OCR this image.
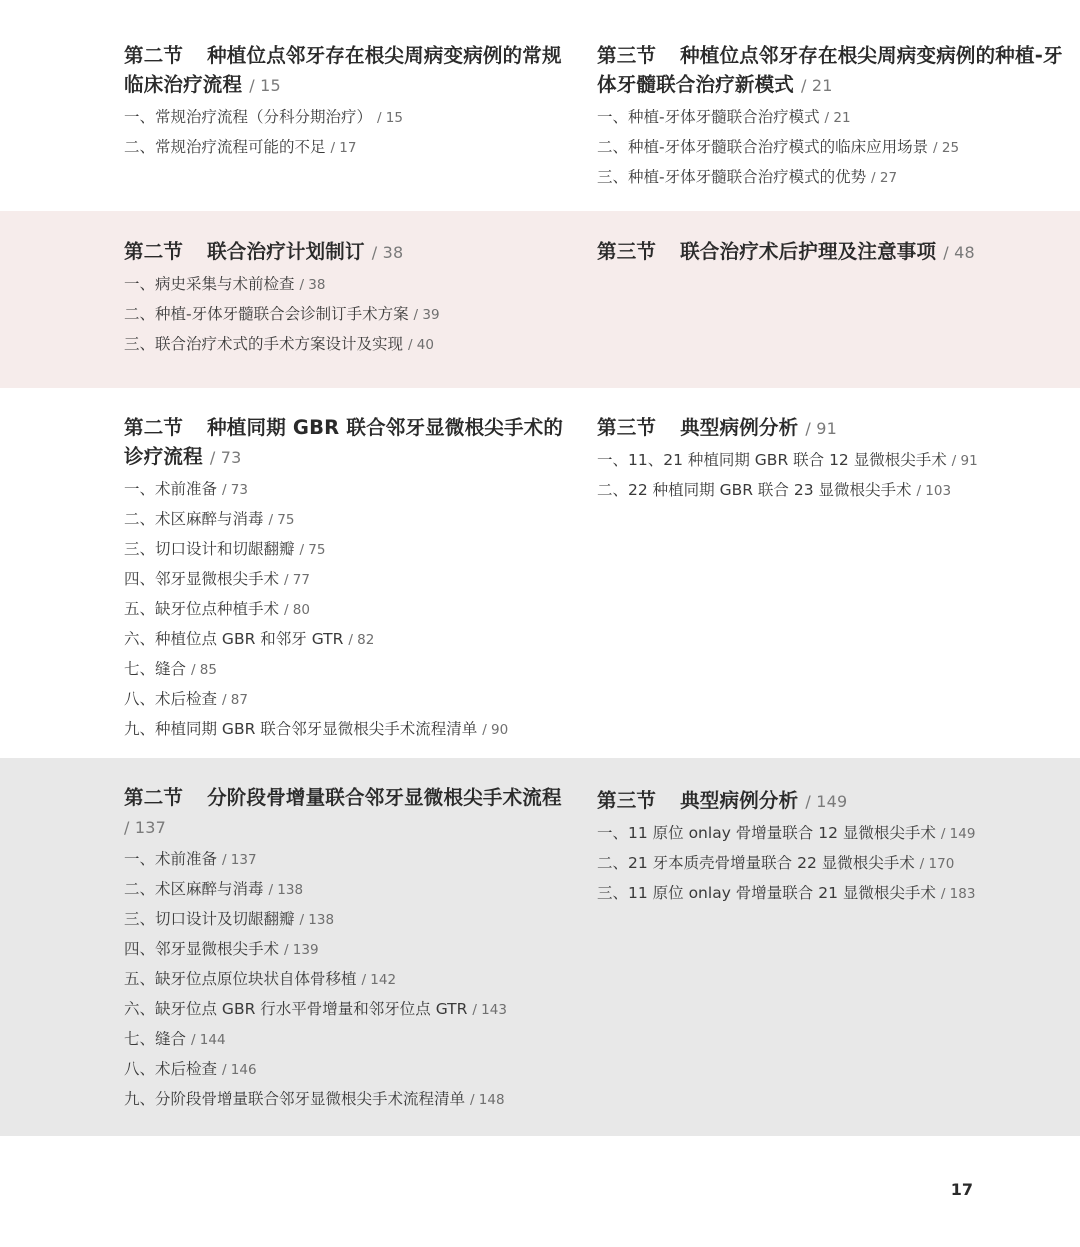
第二节 种植位点邻牙存在根尖周病变病例的常规临床治疗流程 / 15
一、常规治疗流程（分科分期治疗） / 15
二、常规治疗流程可能的不足 / 17
第三节 种植位点邻牙存在根尖周病变病例的种植-牙体牙髓联合治疗新模式 / 21
一、种植-牙体牙髓联合治疗模式 / 21
二、种植-牙体牙髓联合治疗模式的临床应用场景 / 25
三、种植-牙体牙髓联合治疗模式的优势 / 27
第二节 联合治疗计划制订 / 38
一、病史采集与术前检查 / 38
二、种植-牙体牙髓联合会诊制订手术方案 / 39
三、联合治疗术式的手术方案设计及实现 / 40
第三节 联合治疗术后护理及注意事项 / 48
第二节 种植同期 GBR 联合邻牙显微根尖手术的诊疗流程 / 73
一、术前准备 / 73
二、术区麻醉与消毒 / 75
三、切口设计和切龈翻瓣 / 75
四、邻牙显微根尖手术 / 77
五、缺牙位点种植手术 / 80
六、种植位点 GBR 和邻牙 GTR / 82
七、缝合 / 85
八、术后检查 / 87
九、种植同期 GBR 联合邻牙显微根尖手术流程清单 / 90
第三节 典型病例分析 / 91
一、11、21 种植同期 GBR 联合 12 显微根尖手术 / 91
二、22 种植同期 GBR 联合 23 显微根尖手术 / 103
第二节 分阶段骨增量联合邻牙显微根尖手术流程 / 137
一、术前准备 / 137
二、术区麻醉与消毒 / 138
三、切口设计及切龈翻瓣 / 138
四、邻牙显微根尖手术 / 139
五、缺牙位点原位块状自体骨移植 / 142
六、缺牙位点 GBR 行水平骨增量和邻牙位点 GTR / 143
七、缝合 / 144
八、术后检查 / 146
九、分阶段骨增量联合邻牙显微根尖手术流程清单 / 148
第三节 典型病例分析 / 149
一、11 原位 onlay 骨增量联合 12 显微根尖手术 / 149
二、21 牙本质壳骨增量联合 22 显微根尖手术 / 170
三、11 原位 onlay 骨增量联合 21 显微根尖手术 / 183
17
